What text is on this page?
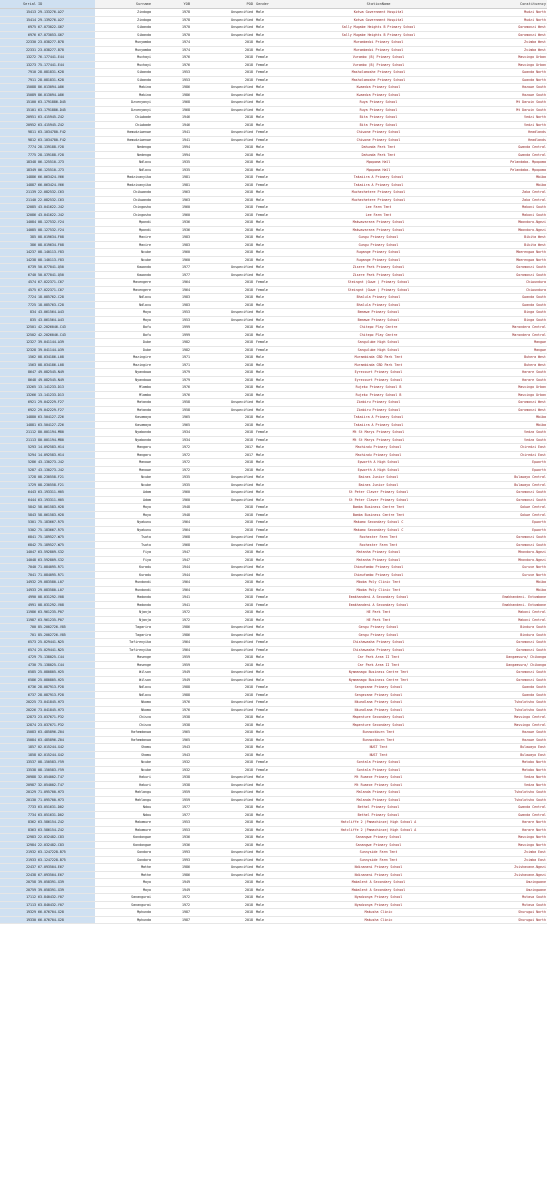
Serial	ID	Surname	YOB	POD	Gender	StationName	Constituency
15413	29-133276-A27	Zindoga	1978	Unspecified	Male	Kotwa Government Hospital	Mudzi North
15414	29-139276-A27	Zindoga	1978	Unspecified	Male	Kotwa Government Hospital	Mudzi North
6975	67-073022-G67	Sibanda	1970	Unspecified	Male	Sally Mugabe Heights B Primary School	Goromonzi West
6976	67-073053-G67	Sibanda	1970	Unspecified	Male	Sally Mugabe Heights B Primary School	Goromonzi West
22330	23-038277-B78	Munyamba	1974	2018	Male	Murombedzi Primary School	Zvimba West
22331	23-038277-B78	Munyamba	1974	2018	Male	Murombedzi Primary School	Zvimba West
13272	76-177441-E44	Muchayi	1976	2018	Female	Vurombo (B) Primary School	Masvingo Urban
13273	75-177441-E44	Muchayi	1976	2018	Female	Vurombo (B) Primary School	Masvingo Urban
7910	28-081831-K28	Sibanda	1953	2018	Female	Masholomoshe Primary School	Gwanda North
7911	28-081831-K28	Sibanda	1953	2018	Female	Masholomoshe Primary School	Gwanda North
15088	86-013094-A86	Makina	1986	Unspecified	Male	Kwaedza Primary School	Hazowe South
15089	86-013094-A86	Makina	1986	Unspecified	Male	Kwaedza Primary School	Hazowe South
15100	63-1791886-D45	Dzvenyanyi	1968	Unspecified	Male	Ruya Primary School	Mt Darwin South
15101	63-1791886-D45	Dzvenyanyi	1968	Unspecified	Male	Ruya Primary School	Mt Darwin South
20951	63-415945-Z42	Chiwbade	1946	2018	Male	Bita Primary School	Vedzi North
20952	63-415945-Z42	Chiwbade	1946	2018	Male	Bita Primary School	Vedzi North
9811	63-1034780-F42	Hamudziwenwe	1941	Unspecified	Female	Chiwone Primary School	Headlands
9812	63-1034780-F42	Hamudziwenwe	1941	Unspecified	Female	Chiwone Primary School	Headlands
7774	28-139188-Y28	Nedenga	1994	2018	Male	Dahunda Park Tent	Gwanda Central
7775	28-139188-Y28	Nedenga	1994	2018	Male	Dahunda Park Tent	Gwanda Central
18348	06-125510-J73	Ndlovu	1935	2018	Male	Mpopoma Hall	Pelandaba- Mpopoma
18349	06-125510-J73	Ndlovu	1935	2018	Male	Mpopoma Hall	Pelandaba- Mpopoma
14886	66-063424-V66	Madzivanyika	1981	2018	Female	Takaiira A Primary School	Mbiba
14887	66-063424-V66	Madzivanyika	1981	2018	Female	Takaiira A Primary School	Mbiba
21139	22-082532-C63	Chikwanda	1963	2018	Male	Muchechetere Primary School	Zaka Central
21140	22-082532-C63	Chikwanda	1963	2018	Male	Muchechetere Primary School	Zaka Central
12085	43-041622-J42	Chingosho	1960	2018	Female	Lee Farm Tent	Makoni South
12086	43-041622-J42	Chingosho	1960	2018	Female	Lee Farm Tent	Makoni South
14084	08-127532-Y24	Mpondi	1936	2018	Male	Makwavarara Primary School	Mbondoro-Ngezi
14085	08-127532-Y24	Mpondi	1936	2018	Male	Makwavarara Primary School	Mbondoro-Ngezi
385	08-019634-F08	Mavire	1983	2018	Male	Gungu Primary School	Bikita West
386	08-019634-F08	Mavire	1983	2018	Male	Gungu Primary School	Bikita West
14237	08-140113-Y83	Ncube	1960	2018	Male	Rugange Primary School	Mberengwa North
14238	08-140113-Y83	Ncube	1960	2018	Male	Rugange Primary School	Mberengwa North
6739	50-077041-Q50	Kawondo	1977	Unspecified	Male	Zisere Park Primary School	Goromonzi South
6740	50-077041-Q50	Kawondo	1977	Unspecified	Male	Zisere Park Primary School	Goromonzi South
4574	67-022371-C67	Mavengere	1964	2018	Female	Steingnt (Guwe ) Primary School	Chiwundura
4575	67-022371-C67	Mavengere	1964	2018	Female	Steingnt (Guwe ) Primary School	Chiwundura
7724	18-085762-C28	Ndlovu	1983	2018	Male	Bhalula Primary School	Gwanda South
7725	18-085763-C28	Ndlovu	1983	2018	Male	Bhalula Primary School	Gwanda South
834	43-061564-A43	Moyo	1953	Unspecified	Male	Bemawe Primary School	Binga South
835	43-061564-A43	Moyo	1953	Unspecified	Male	Bemawe Primary School	Binga South
12501	42-2026046-C43	Bofu	1999	2018	Male	Chitepo Play Centre	Marondera Central
12502	42-2026046-C43	Bofu	1999	2018	Male	Chitepo Play Centre	Marondera Central
12327	39-041144-A39	Dube	1982	2018	Female	Sangulube High School	Mangwe
12328	39-041144-A39	Dube	1982	2018	Female	Sangulube High School	Mangwe
1562	08-034186-L08	Mazingire	1971	2018	Male	Murambinda CBD Park Tent	Buhera West
1563	08-034186-L08	Mazingire	1971	2018	Male	Murambinda CBD Park Tent	Buhera West
8647	49-082545-N49	Nyandowa	1979	2018	Male	Eyrecourt Primary School	Harare South
8648	49-082545-N49	Nyandowa	1979	2018	Male	Eyrecourt Primary School	Harare South
13265	13-141233-D13	Mlambo	1976	2018	Male	Rujeko Primary School B	Masvingo Urban
13266	13-141233-D13	Mlambo	1976	2018	Male	Rujeko Primary School B	Masvingo Urban
6921	29-042229-F27	Matanda	1958	Unspecified	Male	Zimbiru Primary School	Goromonzi West
6922	29-042229-F27	Matanda	1958	Unspecified	Male	Zimbiru Primary School	Goromonzi West
14880	63-504127-Z26	Kasamaya	1965	2018	Male	Takaiira A Primary School	Mbiba
14881	63-504127-Z26	Kasamaya	1965	2018	Male	Takaiira A Primary School	Mbiba
21112	80-001194-M80	Nyabonda	1934	2018	Female	Mt St Marys Primary School	Vedza South
21113	80-001194-M80	Nyabonda	1934	2018	Female	Mt St Marys Primary School	Vedza South
5293	14-092583-H14	Mangaru	1972	2017	Male	Machindu Primary School	Chiredzi East
5294	14-092583-H14	Mangaru	1972	2017	Male	Machindu Primary School	Chiredzi East
5286	43-130273-J42	Manowe	1972	2018	Male	Epworth A High School	Epworth
5287	43-130273-J42	Manowe	1972	2018	Male	Epworth A High School	Epworth
1728	08-230558-F21	Ncube	1935	Unspecified	Male	Baines Junior School	Bulawayo Central
1729	08-230558-F21	Ncube	1935	Unspecified	Male	Baines Junior School	Bulawayo Central
6443	63-193311-H05	Adam	1960	Unspecified	Male	St Peter Claver Primary School	Goromonzi South
6444	63-193311-H05	Adam	1960	Unspecified	Male	St Peter Claver Primary School	Goromonzi South
5842	58-061583-H28	Moyo	1948	2018	Female	Bomba Business Centre Tent	Gokwe Central
5843	58-061583-H28	Moyo	1948	2018	Female	Bomba Business Centre Tent	Gokwe Central
5301	75-183667-R75	Nyakunu	1964	2018	Female	Makomo Secondary School C	Epworth
5302	75-183667-R75	Nyakunu	1964	2018	Female	Makomo Secondary School C	Epworth
6841	75-189527-W75	Tsoto	1968	Unspecified	Female	Rochester Farm Tent	Goromonzi South
6842	75-189527-W75	Tsoto	1968	Unspecified	Female	Rochester Farm Tent	Goromonzi South
14047	63-592809-S32	Fiya	1947	2018	Male	Matanha Primary School	Mhondoro-Ngezi
14048	63-592809-S32	Fiya	1947	2018	Male	Matanha Primary School	Mhondoro-Ngezi
7040	71-084095-R71	Kuradu	1944	Unspecified	Male	Chimufombo Primary School	Guruve North
7041	71-084095-R71	Kuradu	1944	Unspecified	Male	Chimufombo Primary School	Guruve North
14932	29-083580-L07	Mundondi	1964	2018	Male	Mboba Poly Clinic Tent	Mbiba
14933	29-083580-L07	Mundondi	1964	2018	Male	Mboba Poly Clinic Tent	Mbiba
4990	08-031292-V08	Madondo	1941	2018	Female	Emakhandeni A Secondary School	Emakhandeni- Entumbane
4991	08-031292-V08	Madondo	1941	2018	Female	Emakhandeni A Secondary School	Emakhandeni- Entumbane
11986	63-961235-P07	Njanja	1972	2018	Male	HE Park Tent	Makoni Central
11987	63-961235-P07	Njanja	1972	2018	Male	HE Park Tent	Makoni Central
700	85-2002726-V85	Tagarira	1986	Unspecified	Male	Gengu Primary School	Bindura South
701	85-2002726-V85	Tagarira	1986	Unspecified	Male	Gengu Primary School	Bindura South
6573	25-029441-N25	Tafirenyika	1964	Unspecified	Female	Chishawasha Primary School	Goromonzi South
6574	25-029441-N25	Tafirenyika	1964	Unspecified	Female	Chishawasha Primary School	Goromonzi South
4729	75-138025-C44	Masenge	1959	2018	Male	Car Park Area II Tent	Dangamvura/ Chikanga
4730	75-138025-C44	Masenge	1959	2018	Male	Car Park Area II Tent	Dangamvura/ Chikanga
6585	25-080805-H25	Wilson	1949	Unspecified	Male	Nyamanago Business Centre Tent	Goromonzi South
6586	25-080805-H25	Wilson	1949	Unspecified	Male	Nyamanago Business Centre Tent	Goromonzi South
6736	28-087913-P28	Ndlovu	1988	2018	Female	Sengezane Primary School	Gwanda South
6737	28-087913-P28	Ndlovu	1988	2018	Female	Sengezane Primary School	Gwanda South
20225	73-041845-H73	Nkomo	1976	Unspecified	Female	Nkundlana Primary School	Tsholotsho South
20226	73-041845-H73	Nkomo	1976	Unspecified	Female	Nkundlana Primary School	Tsholotsho South
12873	23-037671-P32	Chisvo	1938	2018	Male	Mapenture Secondary School	Masvingo Central
12874	23-037671-P32	Chisvo	1938	2018	Male	Mapenture Secondary School	Masvingo Central
15083	63-485896-Z04	Rafamdanwa	1965	2018	Male	Bunnockburn Tent	Hazowe South
15084	63-485896-Z04	Rafamdanwa	1965	2018	Male	Bunnockburn Tent	Hazowe South
1857	02-015244-G42	Shamu	1943	2018	Male	NUST Tent	Bulawayo East
1858	02-015244-G42	Shamu	1943	2018	Male	NUST Tent	Bulawayo East
13537	08-150583-Y59	Ncube	1932	2018	Female	Sontala Primary School	Matobo North
13538	08-150583-Y59	Ncube	1932	2018	Female	Sontala Primary School	Matobo North
20988	32-054002-T47	Hakuri	1938	Unspecified	Male	Mt Ruaece Primary School	Vedza North
20987	32-054002-T47	Hakuri	1938	Unspecified	Male	Mt Ruaece Primary School	Vedza North
20129	71-095700-H73	Mahlangu	1959	Unspecified	Male	Malanda Primary School	Tsholotsho South
20130	71-095700-H73	Mahlangu	1959	Unspecified	Male	Malanda Primary School	Tsholotsho South
7733	63-051631-D02	Ndou	1977	2018	Male	Bethel Primary School	Gwanda Central
7734	63-051631-D02	Ndou	1977	2018	Male	Bethel Primary School	Gwanda Central
8362	63-586154-Z42	Makamure	1953	2018	Male	Hatcliffe 2 (Pamachinze) High School A	Harare North
8363	63-586154-Z42	Makamure	1953	2018	Male	Hatcliffe 2 (Pamachinze) High School A	Harare North
12983	22-032482-C83	Kondongwe	1936	2018	Male	Sanangwe Primary School	Masvingo North
12984	22-032482-C83	Kondongwe	1936	2018	Male	Sanangwe Primary School	Masvingo North
21932	63-1247228-B75	Gondora	1993	Unspecified	Male	Sunnyside Farm Tent	Zvimba East
21933	63-1247228-B75	Gondora	1993	Unspecified	Male	Sunnyside Farm Tent	Zvimba East
22437	67-093504-E67	Mathe	1986	Unspecified	Male	Ndinaneni Primary School	Zvishavane-Ngezi
22438	67-093504-E67	Mathe	1986	Unspecified	Male	Ndinaneni Primary School	Zvishavane-Ngezi
20758	39-058391-G39	Moyo	1949	2018	Male	Mabalent A Secondary School	Umzingwane
20759	39-058391-G39	Moyo	1949	2018	Male	Mabalent A Secondary School	Umzingwane
17112	63-840432-Y07	Sanangurai	1972	2018	Male	Nyadzonya Primary School	Mutasa South
17113	63-840432-Y07	Sanangurai	1972	2018	Male	Nyadzonya Primary School	Mutasa South
19329	66-076704-G28	Mphunda	1987	2018	Male	Makusha Clinic	Shurugwi North
19330	66-076704-G28	Mphunda	1987	2018	Male	Makusha Clinic	Shurugwi North
